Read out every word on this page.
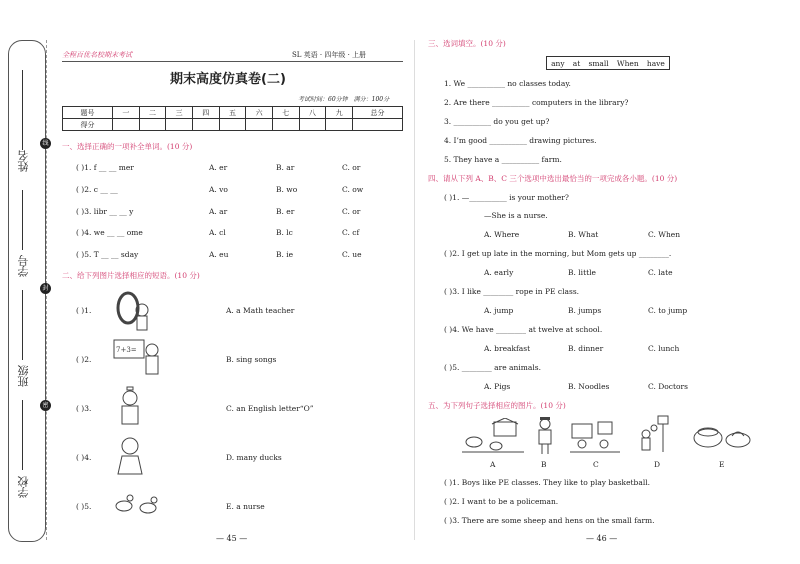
姓名
学号
班级
学校
线
封
密
全程百优名校期末考试	SL 英语 · 四年级 · 上册
期末高度仿真卷(二)
考试时间：60分钟　满分：100分
题号	一	二	三	四	五	六	七	八	九	总分
得分										
一、选择正确的一项补全单词。(10 分)
( )1. f __ __ mer	A. er	B. ar	C. or
( )2. c __ __	A. vo	B. wo	C. ow
( )3. libr __ __ y	A. ar	B. er	C. or
( )4. we __ __ ome	A. cl	B. lc	C. cf
( )5. T __ __ sday	A. eu	B. ie	C. ue
二、给下列图片选择相应的短语。(10 分)
( )1.	A. a Math teacher
( )2.
7+3=
B. sing songs
( )3.	C. an English letter“O”
( )4.	D. many ducks
( )5.	E. a nurse
— 45 —
三、选词填空。(10 分)
any at small When have
1. We __________ no classes today.
2. Are there __________ computers in the library?
3. __________ do you get up?
4. I’m good __________ drawing pictures.
5. They have a __________ farm.
四、请从下列 A、B、C 三个选项中选出最恰当的一项完成各小题。(10 分)
( )1. —__________ is your mother?
—She is a nurse.
A. Where	B. What	C. When
( )2. I get up late in the morning, but Mom gets up ________.
A. early	B. little	C. late
( )3. I like ________ rope in PE class.
A. jump	B. jumps	C. to jump
( )4. We have ________ at twelve at school.
A. breakfast	B. dinner	C. lunch
( )5. ________ are animals.
A. Pigs	B. Noodles	C. Doctors
五、为下列句子选择相应的图片。(10 分)
A	B	C	D	E
( )1. Boys like PE classes. They like to play basketball.
( )2. I want to be a policeman.
( )3. There are some sheep and hens on the small farm.
— 46 —
